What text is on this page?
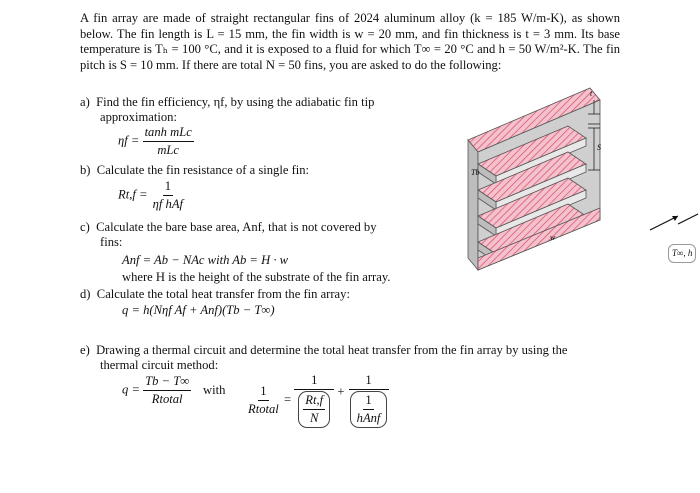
A fin array are made of straight rectangular fins of 2024 aluminum alloy (k = 185 W/m-K), as shown below. The fin length is L = 15 mm, the fin width is w = 20 mm, and fin thickness is t = 3 mm. Its base temperature is Tₕ = 100 °C, and it is exposed to a fluid for which T∞ = 20 °C and h = 50 W/m²-K. The fin pitch is S = 10 mm. If there are total N = 50 fins, you are asked to do the following:
a) Find the fin efficiency, ηf, by using the adiabatic fin tip
approximation:
$\eta f = \frac{\text{tanh mLc}}{\text{mLc}}$
b) Calculate the fin resistance of a single fin:
$Rt,f = \frac{1}{\text{ηf hAf}}$
c) Calculate the bare base area, Anf, that is not covered by
fins:
Anf = Ab − NAc with Ab = H · w
where H is the height of the substrate of the fin array.
d) Calculate the total heat transfer from the fin array:
q = h(Nηf Af + Anf)(Tb − T∞)
e) Drawing a thermal circuit and determine the total heat transfer from the fin array by using the
thermal circuit method:
$q = \frac{Tb - T\infty}{\text{Rtotal}}$ with $\frac{1}{\text{Rtotal}} = \frac{1}{\frac{Rt,f}{N}} + \frac{1}{\frac{1}{\text{hAnf}}}$
t
S
Tb
w
T∞, h
